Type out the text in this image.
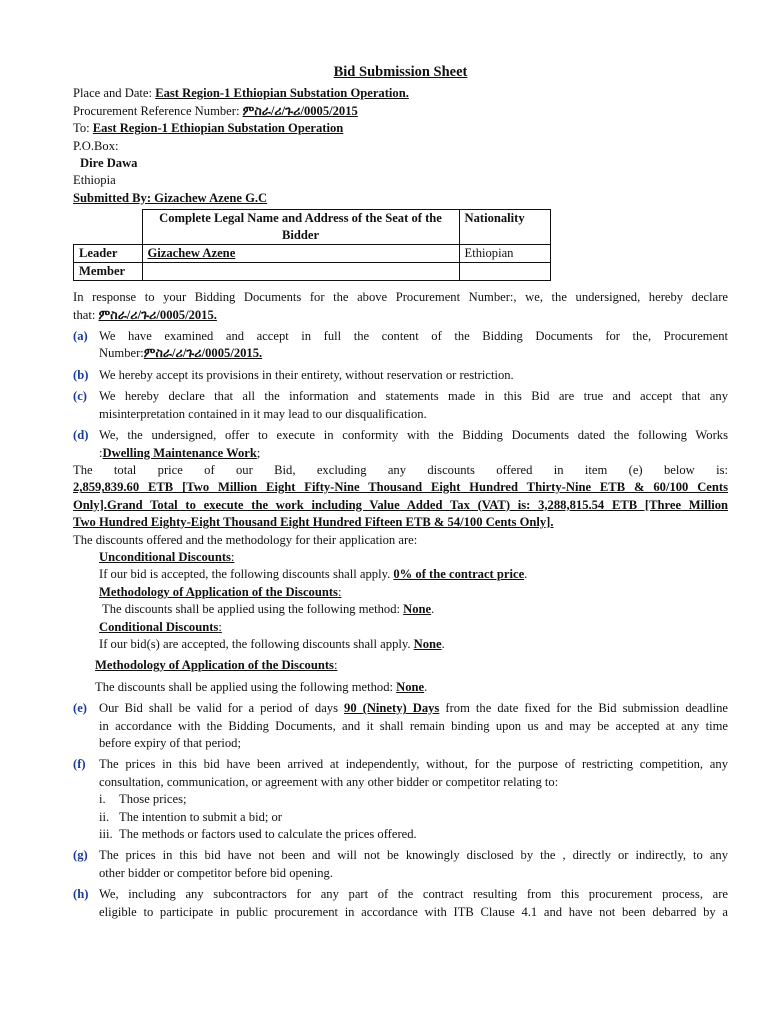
Bid Submission Sheet

Place and Date: East Region-1 Ethiopian Substation Operation.

Procurement Reference Number: ምስራ/ሪ/ጉሪ/0005/2015

To: East Region-1 Ethiopian Substation Operation

P.O.Box:

Dire Dawa

Ethiopia

Submitted By: Gizachew Azene G.C

	Complete Legal Name and Address of the Seat of the Bidder	Nationality
Leader	Gizachew Azene	Ethiopian
Member		

In response to your Bidding Documents for the above Procurement Number:, we, the undersigned, hereby declare

that: ምስራ/ሪ/ጉሪ/0005/2015.

(a) We have examined and accept in full the content of the Bidding Documents for the, Procurement
Number:ምስራ/ሪ/ጉሪ/0005/2015.
(b) We hereby accept its provisions in their entirety, without reservation or restriction.
(c) We hereby declare that all the information and statements made in this Bid are true and accept that any
misinterpretation contained in it may lead to our disqualification.
(d) We, the undersigned, offer to execute in conformity with the Bidding Documents dated the following Works
:Dwelling Maintenance Work;
The total price of our Bid, excluding any discounts offered in item (e) below is:
2,859,839.60 ETB [Two Million Eight Fifty-Nine Thousand Eight Hundred Thirty-Nine ETB & 60/100 Cents
Only].Grand Total to execute the work including Value Added Tax (VAT) is: 3,288,815.54 ETB [Three Million
Two Hundred Eighty-Eight Thousand Eight Hundred Fifteen ETB & 54/100 Cents Only].
The discounts offered and the methodology for their application are:
Unconditional Discounts:
If our bid is accepted, the following discounts shall apply. 0% of the contract price.
Methodology of Application of the Discounts:
The discounts shall be applied using the following method: None.
Conditional Discounts:
If our bid(s) are accepted, the following discounts shall apply. None.
Methodology of Application of the Discounts:
The discounts shall be applied using the following method: None.
(e) Our Bid shall be valid for a period of days 90 (Ninety) Days from the date fixed for the Bid submission deadline
in accordance with the Bidding Documents, and it shall remain binding upon us and may be accepted at any time
before expiry of that period;
(f)	The prices in this bid have been arrived at independently, without, for the purpose of restricting competition, any
consultation, communication, or agreement with any other bidder or competitor relating to:
i.	Those prices;
ii. The intention to submit a bid; or
iii. The methods or factors used to calculate the prices offered.
(g) The prices in this bid have not been and will not be knowingly disclosed by the , directly or indirectly, to any
other bidder or competitor before bid opening.
(h) We, including any subcontractors for any part of the contract resulting from this procurement process, are
eligible to participate in public procurement in accordance with ITB Clause 4.1 and have not been debarred by a
